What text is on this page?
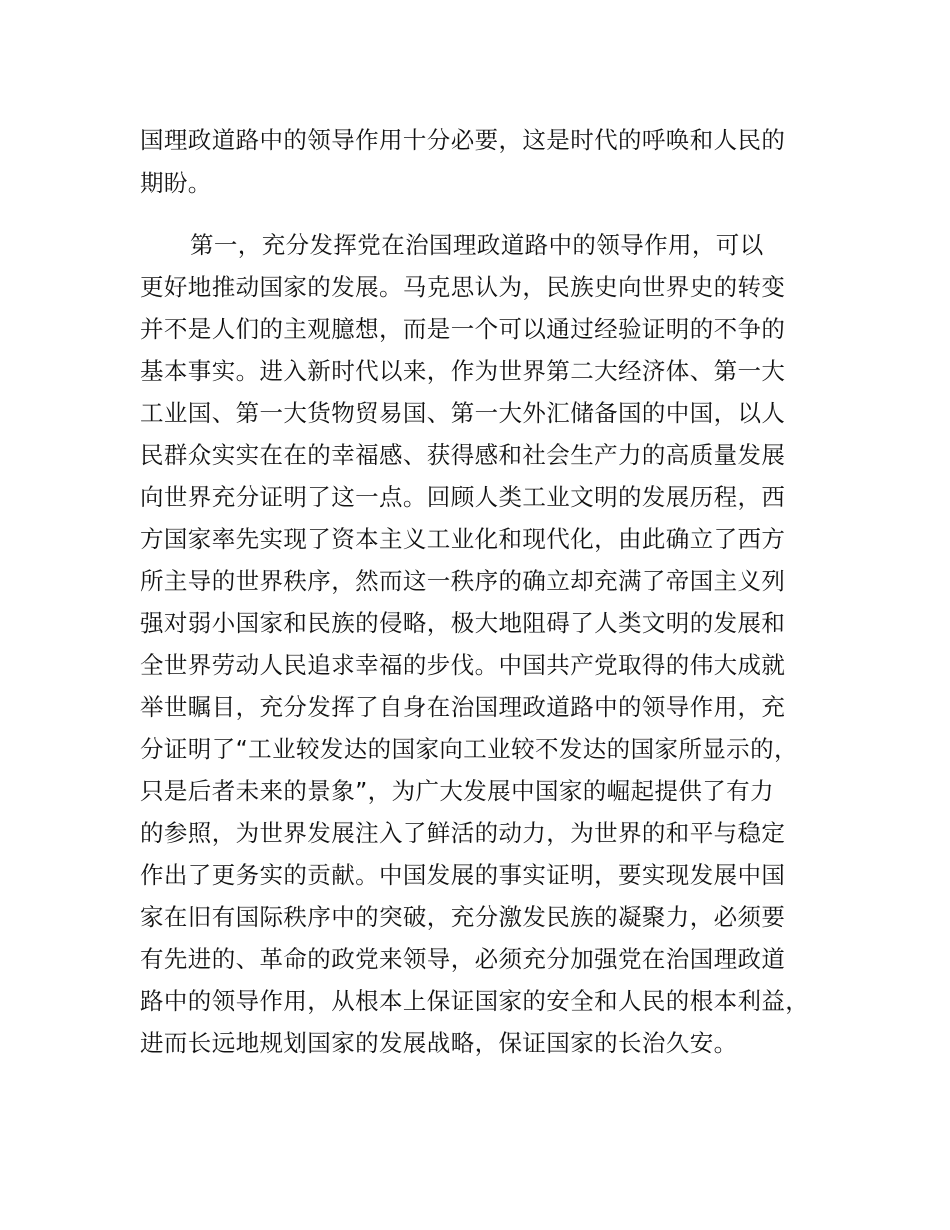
国理政道路中的领导作用十分必要，这是时代的呼唤和人民的
期盼。
第一，充分发挥党在治国理政道路中的领导作用，可以
更好地推动国家的发展。马克思认为，民族史向世界史的转变
并不是人们的主观臆想，而是一个可以通过经验证明的不争的
基本事实。进入新时代以来，作为世界第二大经济体、第一大
工业国、第一大货物贸易国、第一大外汇储备国的中国，以人
民群众实实在在的幸福感、获得感和社会生产力的高质量发展
向世界充分证明了这一点。回顾人类工业文明的发展历程，西
方国家率先实现了资本主义工业化和现代化，由此确立了西方
所主导的世界秩序，然而这一秩序的确立却充满了帝国主义列
强对弱小国家和民族的侵略，极大地阻碍了人类文明的发展和
全世界劳动人民追求幸福的步伐。中国共产党取得的伟大成就
举世瞩目，充分发挥了自身在治国理政道路中的领导作用，充
分证明了“工业较发达的国家向工业较不发达的国家所显示的，
只是后者未来的景象”，为广大发展中国家的崛起提供了有力
的参照，为世界发展注入了鲜活的动力，为世界的和平与稳定
作出了更务实的贡献。中国发展的事实证明，要实现发展中国
家在旧有国际秩序中的突破，充分激发民族的凝聚力，必须要
有先进的、革命的政党来领导，必须充分加强党在治国理政道
路中的领导作用，从根本上保证国家的安全和人民的根本利益，
进而长远地规划国家的发展战略，保证国家的长治久安。
